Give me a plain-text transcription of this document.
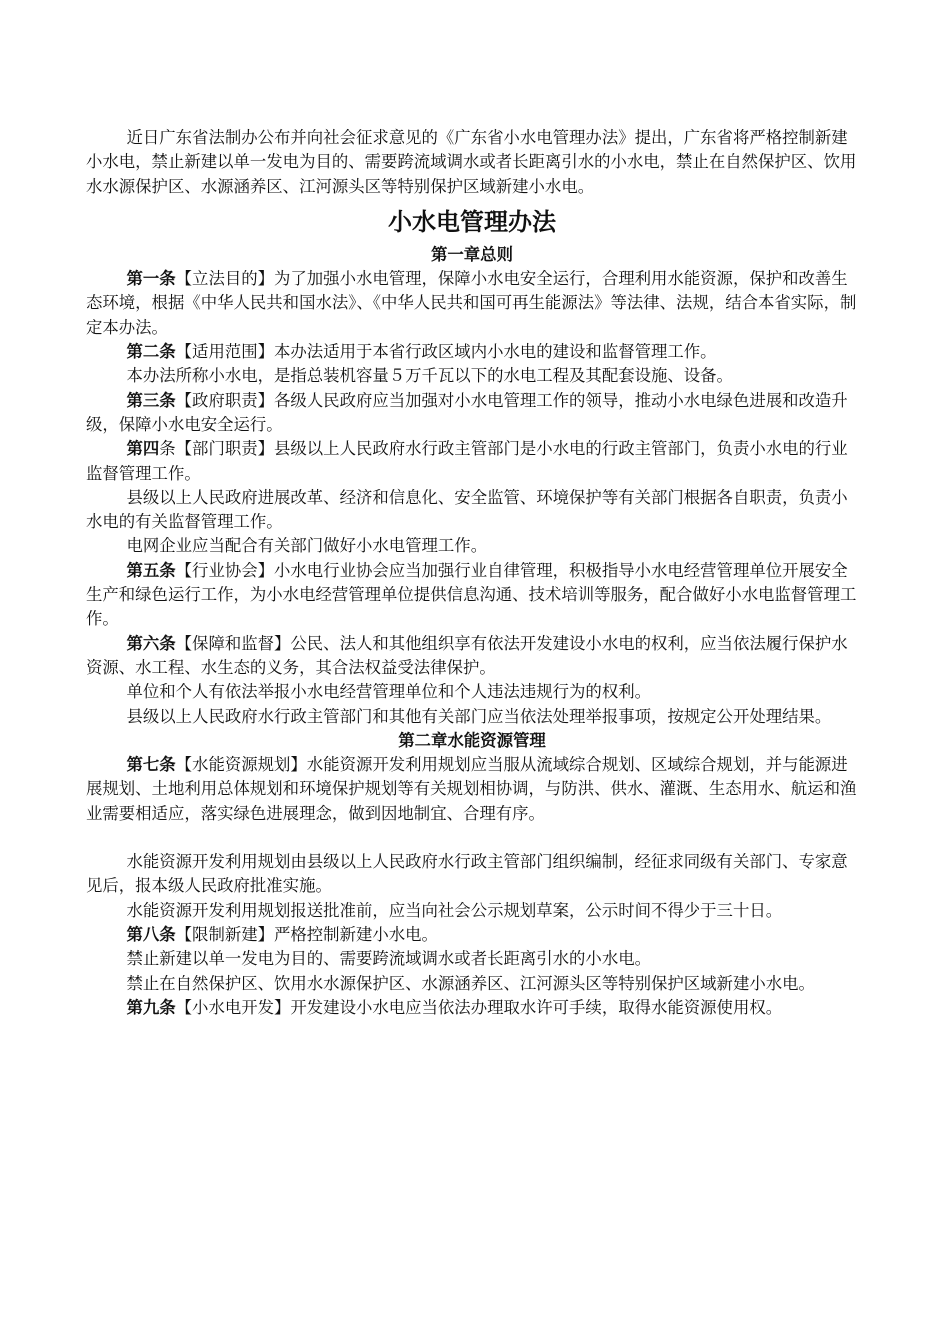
近日广东省法制办公布并向社会征求意见的《广东省小水电管理办法》提出，广东省将严格控制新建小水电，禁止新建以单一发电为目的、需要跨流域调水或者长距离引水的小水电，禁止在自然保护区、饮用水水源保护区、水源涵养区、江河源头区等特别保护区域新建小水电。

小水电管理办法
第一章总则

第一条【立法目的】为了加强小水电管理，保障小水电安全运行，合理利用水能资源，保护和改善生态环境，根据《中华人民共和国水法》、《中华人民共和国可再生能源法》等法律、法规，结合本省实际，制定本办法。

第二条【适用范围】本办法适用于本省行政区域内小水电的建设和监督管理工作。

本办法所称小水电，是指总装机容量５万千瓦以下的水电工程及其配套设施、设备。

第三条【政府职责】各级人民政府应当加强对小水电管理工作的领导，推动小水电绿色进展和改造升级，保障小水电安全运行。

第四条【部门职责】县级以上人民政府水行政主管部门是小水电的行政主管部门，负责小水电的行业监督管理工作。

县级以上人民政府进展改革、经济和信息化、安全监管、环境保护等有关部门根据各自职责，负责小水电的有关监督管理工作。

电网企业应当配合有关部门做好小水电管理工作。

第五条【行业协会】小水电行业协会应当加强行业自律管理，积极指导小水电经营管理单位开展安全生产和绿色运行工作，为小水电经营管理单位提供信息沟通、技术培训等服务，配合做好小水电监督管理工作。

第六条【保障和监督】公民、法人和其他组织享有依法开发建设小水电的权利，应当依法履行保护水资源、水工程、水生态的义务，其合法权益受法律保护。

单位和个人有依法举报小水电经营管理单位和个人违法违规行为的权利。

县级以上人民政府水行政主管部门和其他有关部门应当依法处理举报事项，按规定公开处理结果。

第二章水能资源管理

第七条【水能资源规划】水能资源开发利用规划应当服从流域综合规划、区域综合规划，并与能源进展规划、土地利用总体规划和环境保护规划等有关规划相协调，与防洪、供水、灌溉、生态用水、航运和渔业需要相适应，落实绿色进展理念，做到因地制宜、合理有序。

水能资源开发利用规划由县级以上人民政府水行政主管部门组织编制，经征求同级有关部门、专家意见后，报本级人民政府批准实施。

水能资源开发利用规划报送批准前，应当向社会公示规划草案，公示时间不得少于三十日。

第八条【限制新建】严格控制新建小水电。

禁止新建以单一发电为目的、需要跨流域调水或者长距离引水的小水电。

禁止在自然保护区、饮用水水源保护区、水源涵养区、江河源头区等特别保护区域新建小水电。

第九条【小水电开发】开发建设小水电应当依法办理取水许可手续，取得水能资源使用权。
